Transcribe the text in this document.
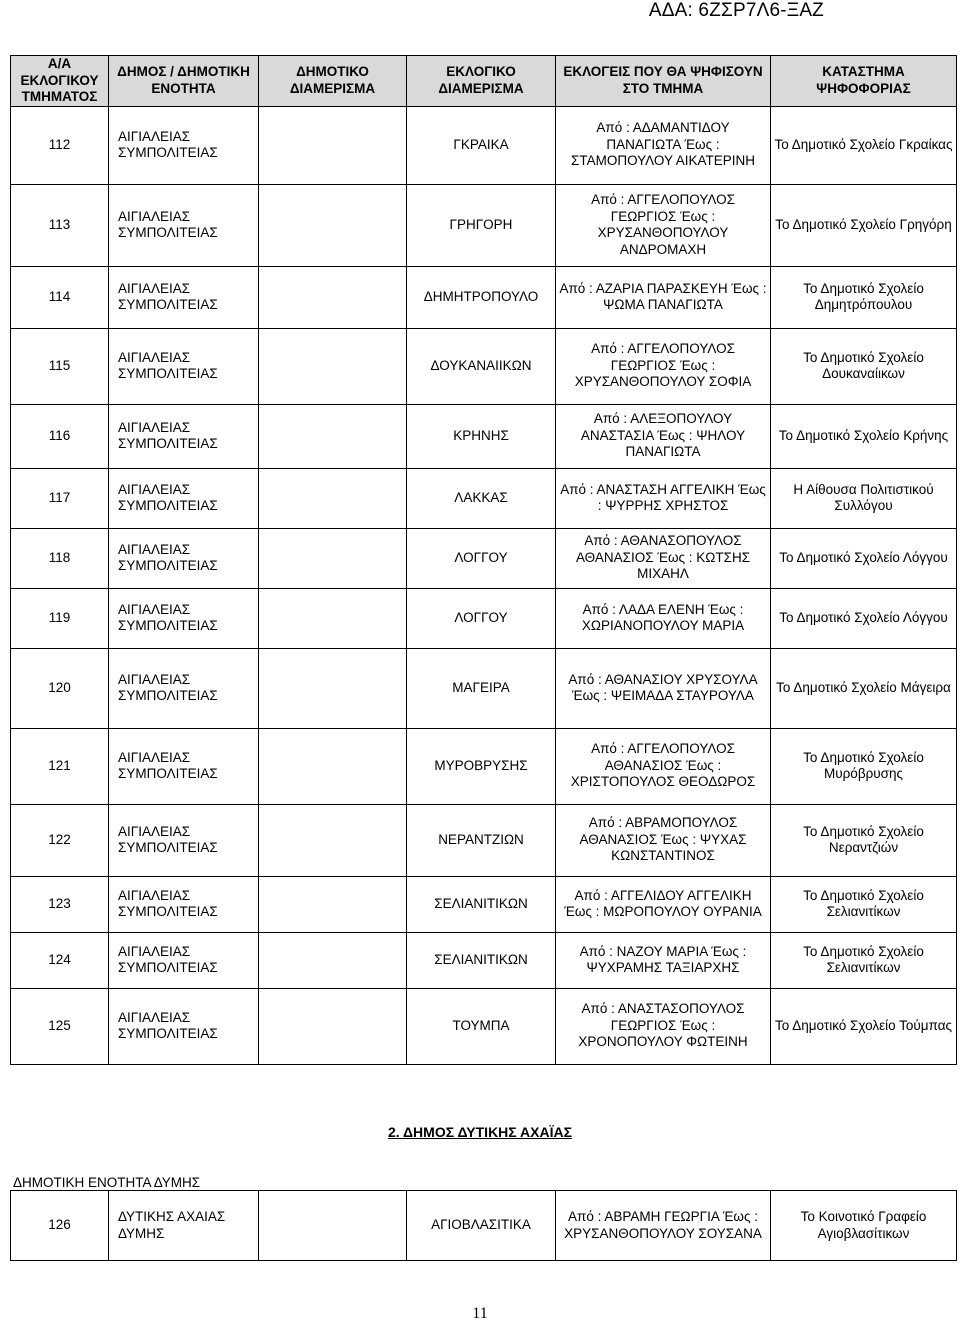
ΑΔΑ: 6ΖΣΡ7Λ6-ΞΑΖ
Α/Α ΕΚΛΟΓΙΚΟΥ ΤΜΗΜΑΤΟΣ	ΔΗΜΟΣ / ΔΗΜΟΤΙΚΗ ΕΝΟΤΗΤΑ	ΔΗΜΟΤΙΚΟ ΔΙΑΜΕΡΙΣΜΑ	ΕΚΛΟΓΙΚΟ ΔΙΑΜΕΡΙΣΜΑ	ΕΚΛΟΓΕΙΣ ΠΟΥ ΘΑ ΨΗΦΙΣΟΥΝ ΣΤΟ ΤΜΗΜΑ	ΚΑΤΑΣΤΗΜΑ ΨΗΦΟΦΟΡΙΑΣ
112	ΑΙΓΙΑΛΕΙΑΣ ΣΥΜΠΟΛΙΤΕΙΑΣ		ΓΚΡΑΙΚΑ	Από : ΑΔΑΜΑΝΤΙΔΟΥ ΠΑΝΑΓΙΩΤΑ Έως : ΣΤΑΜΟΠΟΥΛΟΥ ΑΙΚΑΤΕΡΙΝΗ	Το Δημοτικό Σχολείο Γκραίκας
113	ΑΙΓΙΑΛΕΙΑΣ ΣΥΜΠΟΛΙΤΕΙΑΣ		ΓΡΗΓΟΡΗ	Από : ΑΓΓΕΛΟΠΟΥΛΟΣ ΓΕΩΡΓΙΟΣ Έως : ΧΡΥΣΑΝΘΟΠΟΥΛΟΥ ΑΝΔΡΟΜΑΧΗ	Το Δημοτικό Σχολείο Γρηγόρη
114	ΑΙΓΙΑΛΕΙΑΣ ΣΥΜΠΟΛΙΤΕΙΑΣ		ΔΗΜΗΤΡΟΠΟΥΛΟ	Από : ΑΖΑΡΙΑ ΠΑΡΑΣΚΕΥΗ Έως : ΨΩΜΑ ΠΑΝΑΓΙΩΤΑ	Το Δημοτικό Σχολείο Δημητρόπουλου
115	ΑΙΓΙΑΛΕΙΑΣ ΣΥΜΠΟΛΙΤΕΙΑΣ		ΔΟΥΚΑΝΑΙΙΚΩΝ	Από : ΑΓΓΕΛΟΠΟΥΛΟΣ ΓΕΩΡΓΙΟΣ Έως : ΧΡΥΣΑΝΘΟΠΟΥΛΟΥ ΣΟΦΙΑ	Το Δημοτικό Σχολείο Δουκαναίικων
116	ΑΙΓΙΑΛΕΙΑΣ ΣΥΜΠΟΛΙΤΕΙΑΣ		ΚΡΗΝΗΣ	Από : ΑΛΕΞΟΠΟΥΛΟΥ ΑΝΑΣΤΑΣΙΑ Έως : ΨΗΛΟΥ ΠΑΝΑΓΙΩΤΑ	Το Δημοτικό Σχολείο Κρήνης
117	ΑΙΓΙΑΛΕΙΑΣ ΣΥΜΠΟΛΙΤΕΙΑΣ		ΛΑΚΚΑΣ	Από : ΑΝΑΣΤΑΣΗ ΑΓΓΕΛΙΚΗ Έως : ΨΥΡΡΗΣ ΧΡΗΣΤΟΣ	Η Αίθουσα Πολιτιστικού Συλλόγου
118	ΑΙΓΙΑΛΕΙΑΣ ΣΥΜΠΟΛΙΤΕΙΑΣ		ΛΟΓΓΟΥ	Από : ΑΘΑΝΑΣΟΠΟΥΛΟΣ ΑΘΑΝΑΣΙΟΣ Έως : ΚΩΤΣΗΣ ΜΙΧΑΗΛ	Το Δημοτικό Σχολείο Λόγγου
119	ΑΙΓΙΑΛΕΙΑΣ ΣΥΜΠΟΛΙΤΕΙΑΣ		ΛΟΓΓΟΥ	Από : ΛΑΔΑ ΕΛΕΝΗ Έως : ΧΩΡΙΑΝΟΠΟΥΛΟΥ ΜΑΡΙΑ	Το Δημοτικό Σχολείο Λόγγου
120	ΑΙΓΙΑΛΕΙΑΣ ΣΥΜΠΟΛΙΤΕΙΑΣ		ΜΑΓΕΙΡΑ	Από : ΑΘΑΝΑΣΙΟΥ ΧΡΥΣΟΥΛΑ Έως : ΨΕΙΜΑΔΑ ΣΤΑΥΡΟΥΛΑ	Το Δημοτικό Σχολείο Μάγειρα
121	ΑΙΓΙΑΛΕΙΑΣ ΣΥΜΠΟΛΙΤΕΙΑΣ		ΜΥΡΟΒΡΥΣΗΣ	Από : ΑΓΓΕΛΟΠΟΥΛΟΣ ΑΘΑΝΑΣΙΟΣ Έως : ΧΡΙΣΤΟΠΟΥΛΟΣ ΘΕΟΔΩΡΟΣ	Το Δημοτικό Σχολείο Μυρόβρυσης
122	ΑΙΓΙΑΛΕΙΑΣ ΣΥΜΠΟΛΙΤΕΙΑΣ		ΝΕΡΑΝΤΖΙΩΝ	Από : ΑΒΡΑΜΟΠΟΥΛΟΣ ΑΘΑΝΑΣΙΟΣ Έως : ΨΥΧΑΣ ΚΩΝΣΤΑΝΤΙΝΟΣ	Το Δημοτικό Σχολείο Νεραντζιών
123	ΑΙΓΙΑΛΕΙΑΣ ΣΥΜΠΟΛΙΤΕΙΑΣ		ΣΕΛΙΑΝΙΤΙΚΩΝ	Από : ΑΓΓΕΛΙΔΟΥ ΑΓΓΕΛΙΚΗ Έως : ΜΩΡΟΠΟΥΛΟΥ ΟΥΡΑΝΙΑ	Το Δημοτικό Σχολείο Σελιανιτίκων
124	ΑΙΓΙΑΛΕΙΑΣ ΣΥΜΠΟΛΙΤΕΙΑΣ		ΣΕΛΙΑΝΙΤΙΚΩΝ	Από : ΝΑΖΟΥ ΜΑΡΙΑ Έως : ΨΥΧΡΑΜΗΣ ΤΑΞΙΑΡΧΗΣ	Το Δημοτικό Σχολείο Σελιανιτίκων
125	ΑΙΓΙΑΛΕΙΑΣ ΣΥΜΠΟΛΙΤΕΙΑΣ		ΤΟΥΜΠΑ	Από : ΑΝΑΣΤΑΣΟΠΟΥΛΟΣ ΓΕΩΡΓΙΟΣ Έως : ΧΡΟΝΟΠΟΥΛΟΥ ΦΩΤΕΙΝΗ	Το Δημοτικό Σχολείο Τούμπας
2. ΔΗΜΟΣ ΔΥΤΙΚΗΣ ΑΧΑΪΑΣ
ΔΗΜΟΤΙΚΗ ΕΝΟΤΗΤΑ ΔΥΜΗΣ
126	ΔΥΤΙΚΗΣ ΑΧΑΙΑΣ ΔΥΜΗΣ		ΑΓΙΟΒΛΑΣΙΤΙΚΑ	Από : ΑΒΡΑΜΗ ΓΕΩΡΓΙΑ Έως : ΧΡΥΣΑΝΘΟΠΟΥΛΟΥ ΣΟΥΣΑΝΑ	Το Κοινοτικό Γραφείο Αγιοβλασίτικων
11
